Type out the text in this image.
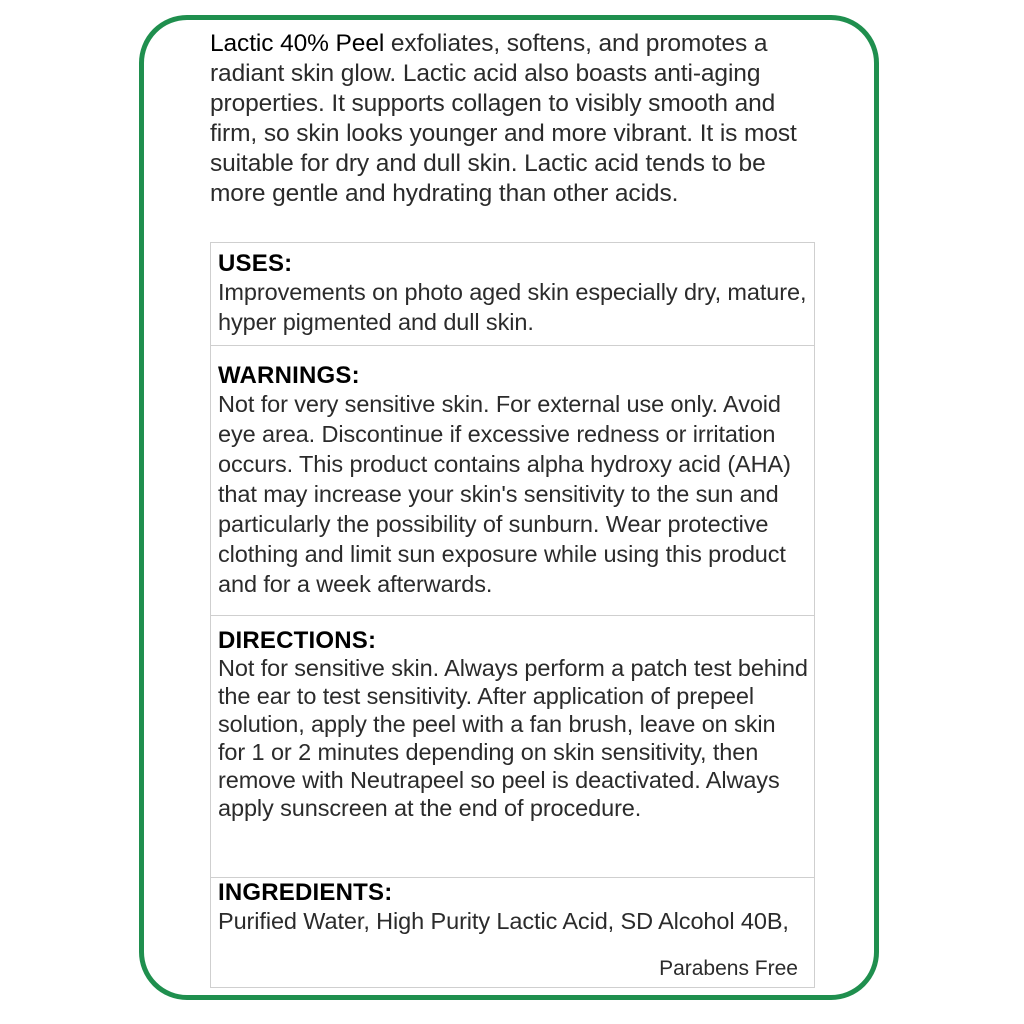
Lactic 40% Peel exfoliates, softens, and promotes a radiant skin glow. Lactic acid also boasts anti-aging properties. It supports collagen to visibly smooth and firm, so skin looks younger and more vibrant. It is most suitable for dry and dull skin. Lactic acid tends to be more gentle and hydrating than other acids.

USES:
Improvements on photo aged skin especially dry, mature, hyper pigmented and dull skin.
WARNINGS:
Not for very sensitive skin. For external use only. Avoid eye area. Discontinue if excessive redness or irritation occurs. This product contains alpha hydroxy acid (AHA) that may increase your skin's sensitivity to the sun and particularly the possibility of sunburn. Wear protective clothing and limit sun exposure while using this product and for a week afterwards.
DIRECTIONS:
Not for sensitive skin. Always perform a patch test behind the ear to test sensitivity. After application of prepeel solution, apply the peel with a fan brush, leave on skin for 1 or 2 minutes depending on skin sensitivity, then remove with Neutrapeel so peel is deactivated. Always apply sunscreen at the end of procedure.
INGREDIENTS:
Purified Water, High Purity Lactic Acid, SD Alcohol 40B,
Parabens Free
